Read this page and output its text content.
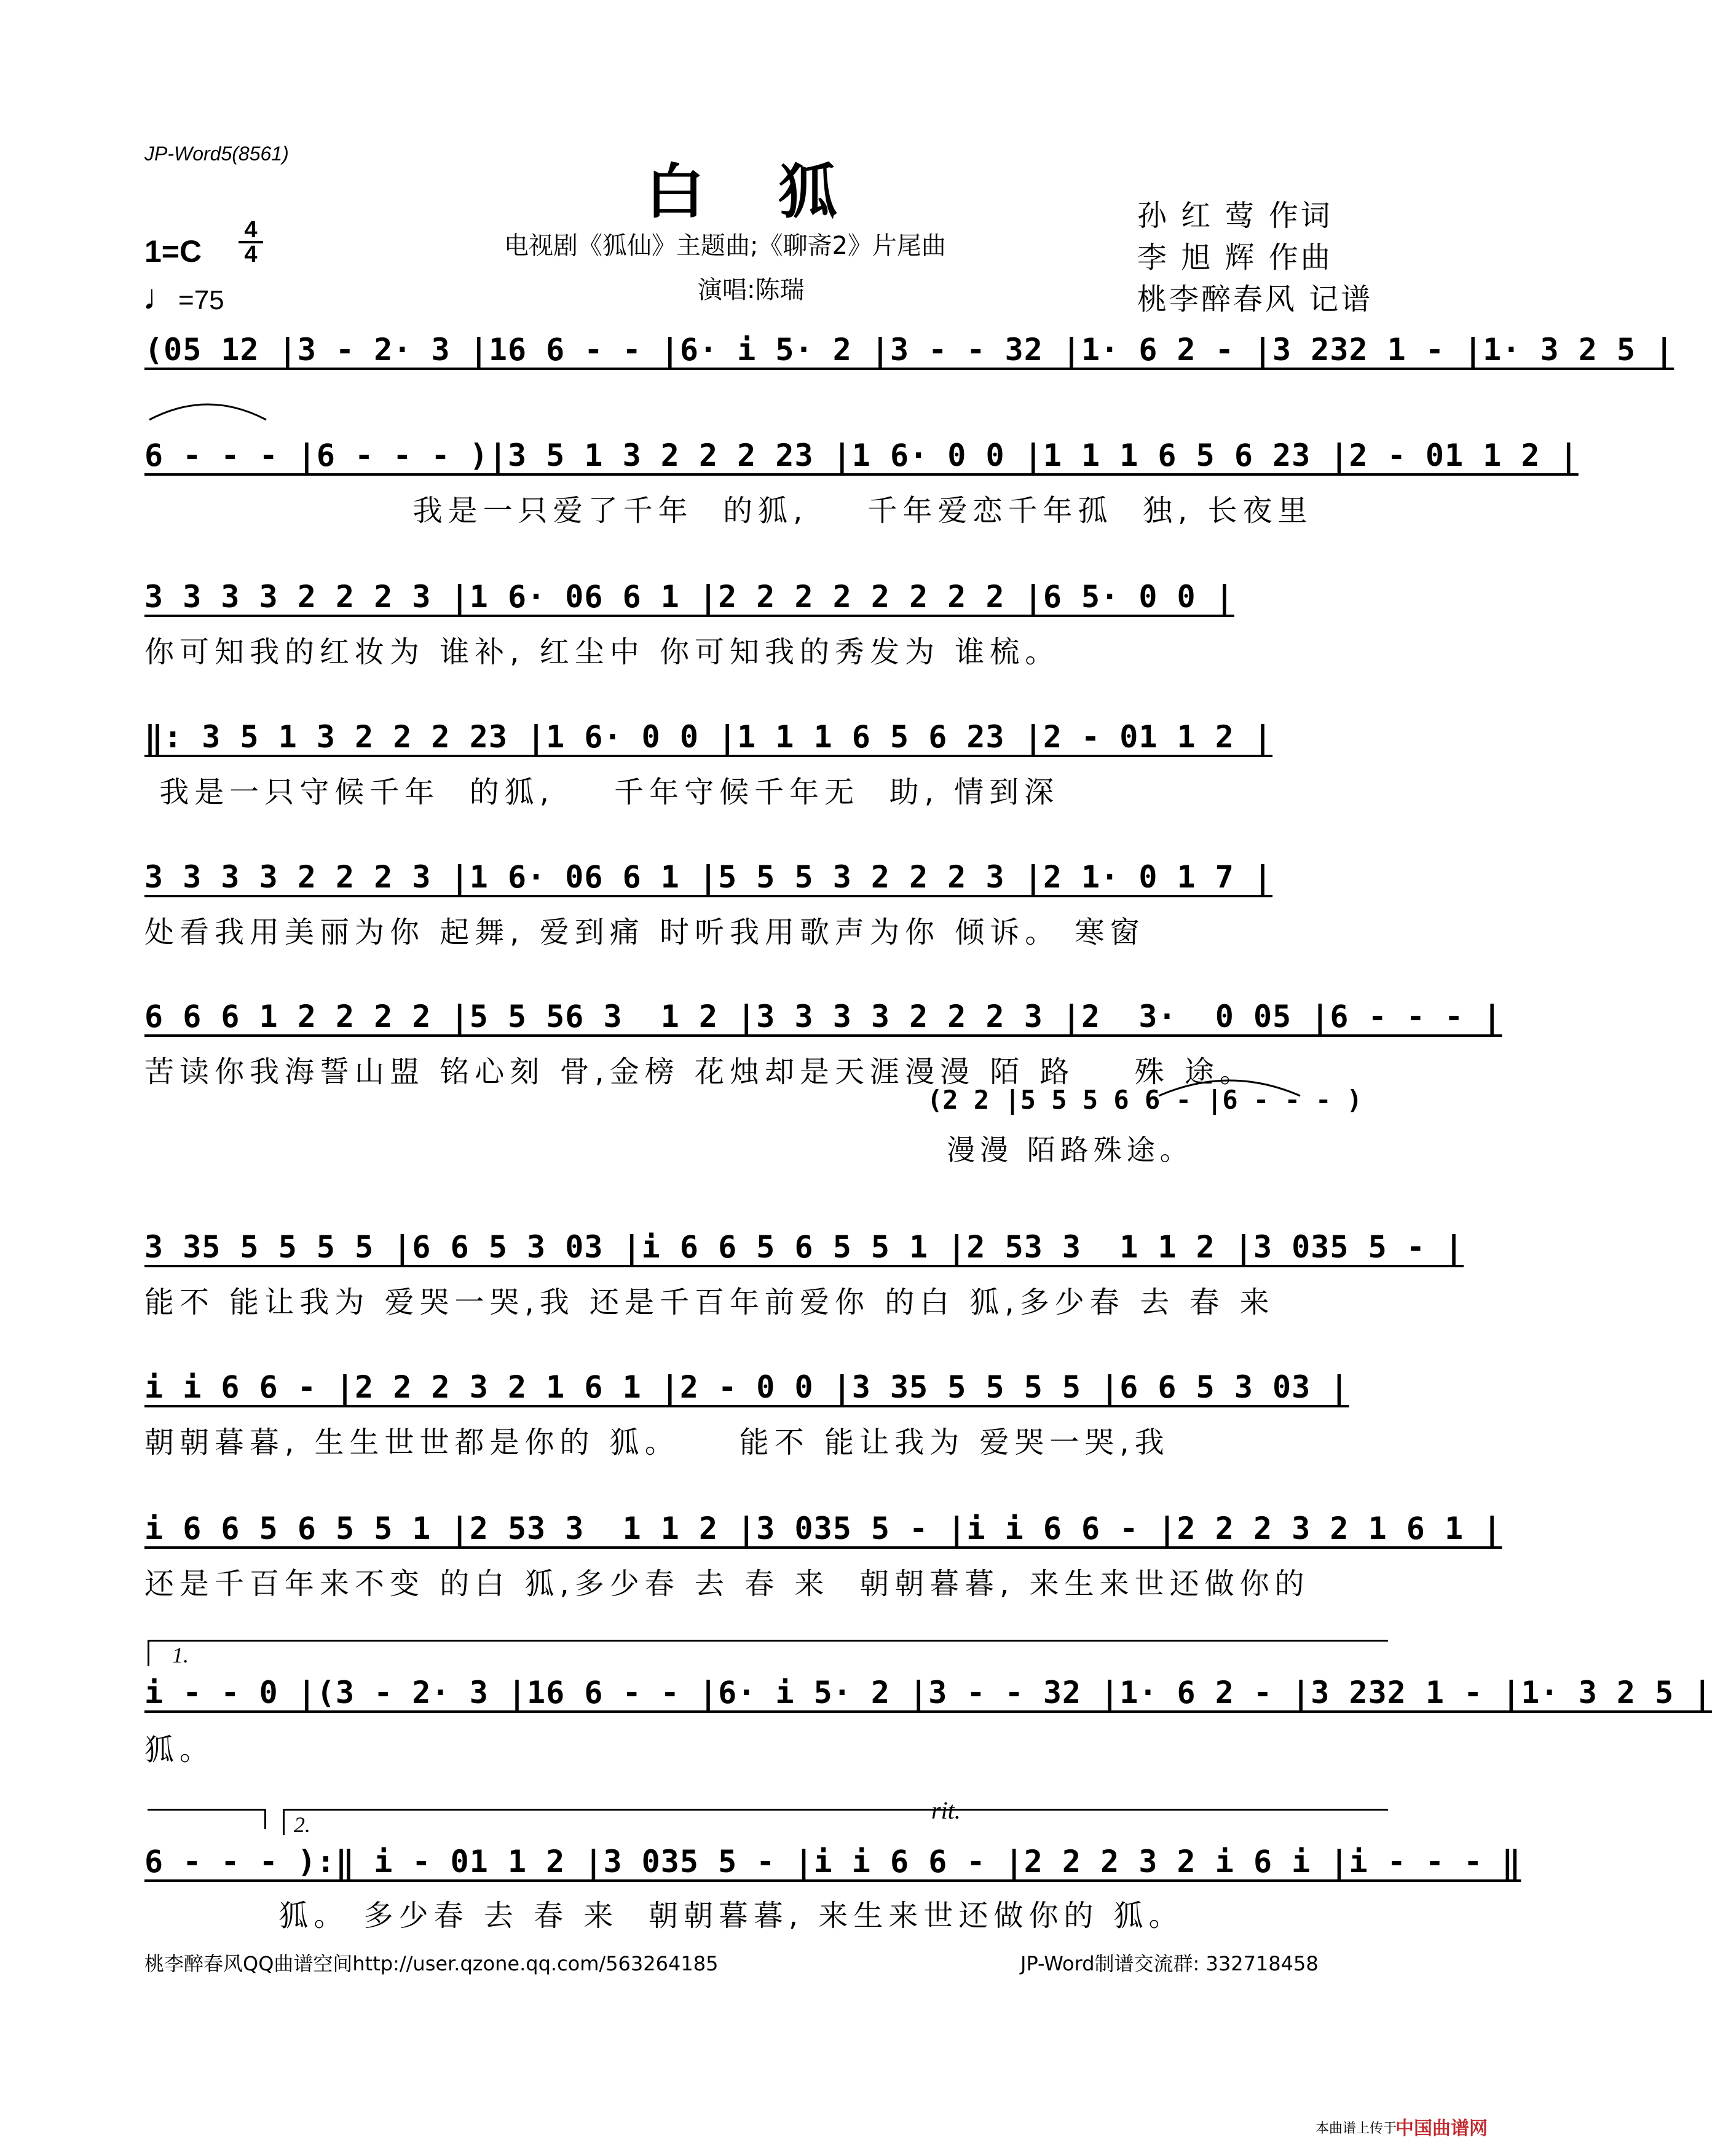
JP-Word5(8561)
白狐
电视剧《狐仙》主题曲;《聊斋2》片尾曲
演唱:陈瑞
孙 红 莺 作词
李 旭 辉 作曲
桃李醉春风 记谱
1=C
4
4
♩=75
(05 12 |3 - 2· 3 |16 6 - - |6· i 5· 2 |3 - - 32 |1· 6 2 - |3 232 1 - |1· 3 2 5 |
6 - - - |6 - - - )|3 5 1 3 2 2 2 23 |1 6· 0 0 |1 1 1 6 5 6 23 |2 - 01 1 2 |
我是一只爱了千年  的狐,    千年爱恋千年孤  独, 长夜里
3 3 3 3 2 2 2 3 |1 6· 06 6 1 |2 2 2 2 2 2 2 2 |6 5· 0 0 |
你可知我的红妆为 谁补, 红尘中 你可知我的秀发为 谁梳。
‖: 3 5 1 3 2 2 2 23 |1 6· 0 0 |1 1 1 6 5 6 23 |2 - 01 1 2 |
我是一只守候千年  的狐,    千年守候千年无  助, 情到深
3 3 3 3 2 2 2 3 |1 6· 06 6 1 |5 5 5 3 2 2 2 3 |2 1· 0 1 7 |
处看我用美丽为你 起舞, 爱到痛 时听我用歌声为你 倾诉。 寒窗
6 6 6 1 2 2 2 2 |5 5 56 3  1 2 |3 3 3 3 2 2 2 3 |2  3·  0 05 |6 - - - |
苦读你我海誓山盟 铭心刻 骨,金榜 花烛却是天涯漫漫 陌 路    殊 途。
(2 2 |5 5 5 6 6 - |6 - - - )
漫漫 陌路殊途。
3 35 5 5 5 5 |6 6 5 3 03 |i 6 6 5 6 5 5 1 |2 53 3  1 1 2 |3 035 5 - |
能不 能让我为 爱哭一哭,我 还是千百年前爱你 的白 狐,多少春 去 春 来
i i 6 6 - |2 2 2 3 2 1 6 1 |2 - 0 0 |3 35 5 5 5 5 |6 6 5 3 03 |
朝朝暮暮, 生生世世都是你的 狐。    能不 能让我为 爱哭一哭,我
i 6 6 5 6 5 5 1 |2 53 3  1 1 2 |3 035 5 - |i i 6 6 - |2 2 2 3 2 1 6 1 |
还是千百年来不变 的白 狐,多少春 去 春 来  朝朝暮暮, 来生来世还做你的
1.
i - - 0 |(3 - 2· 3 |16 6 - - |6· i 5· 2 |3 - - 32 |1· 6 2 - |3 232 1 - |1· 3 2 5 |
狐。
2.
rit.
6 - - - ):‖ i - 01 1 2 |3 035 5 - |i i 6 6 - |2 2 2 3 2 i 6 i |i - - - ‖
狐。 多少春 去 春 来  朝朝暮暮, 来生来世还做你的 狐。
桃李醉春风QQ曲谱空间http://user.qzone.qq.com/563264185	JP-Word制谱交流群: 332718458
本曲谱上传于
中国曲谱网
